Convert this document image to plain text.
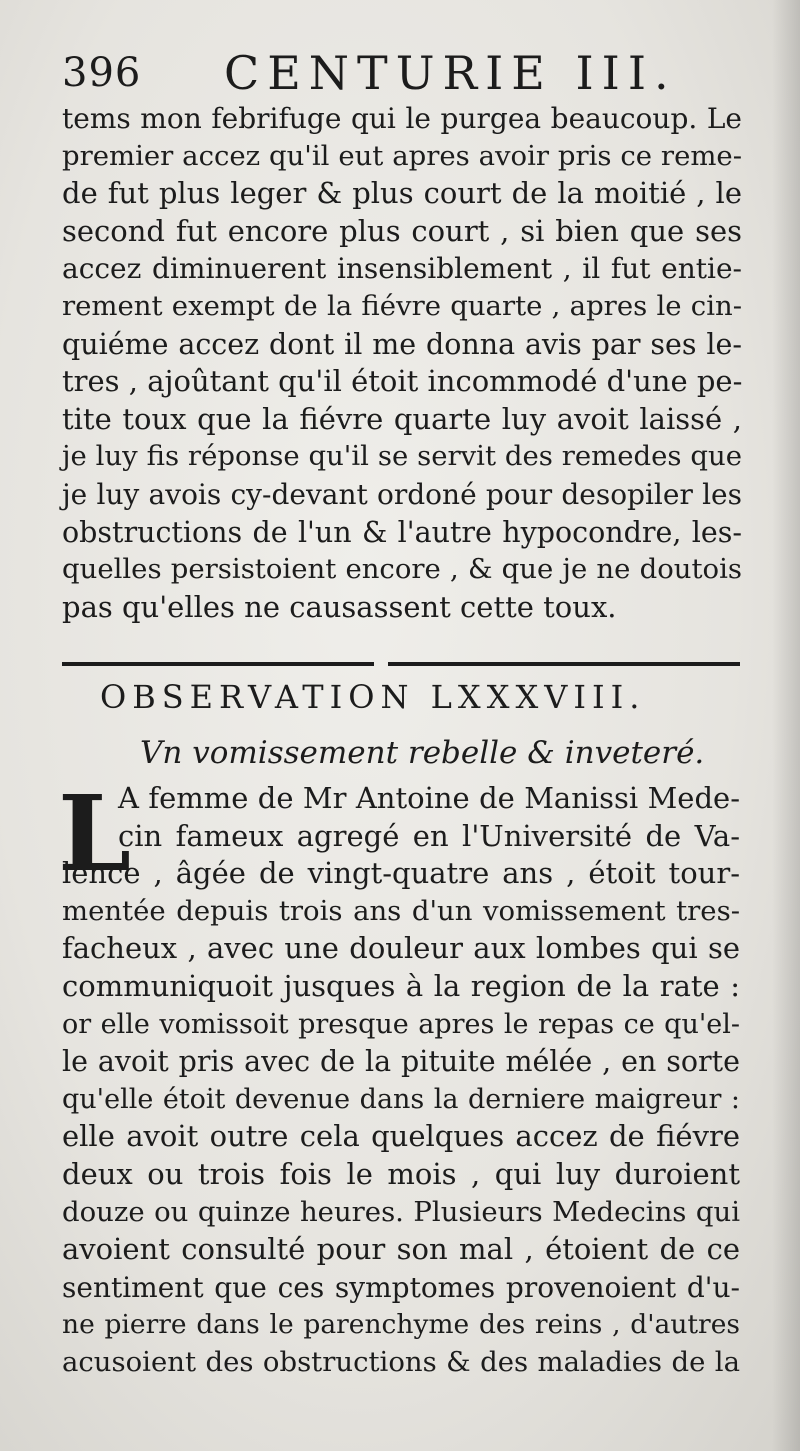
396 CENTURIE III.
tems mon febrifuge qui le purgea beaucoup. Le
premier accez qu'il eut apres avoir pris ce reme-
de fut plus leger & plus court de la moitié , le
second fut encore plus court , si bien que ses
accez diminuerent insensiblement , il fut entie-
rement exempt de la fiévre quarte , apres le cin-
quiéme accez dont il me donna avis par ses le-
tres , ajoûtant qu'il étoit incommodé d'une pe-
tite toux que la fiévre quarte luy avoit laissé ,
je luy fis réponse qu'il se servit des remedes que
je luy avois cy-devant ordoné pour desopiler les
obstructions de l'un & l'autre hypocondre, les-
quelles persistoient encore , & que je ne doutois
pas qu'elles ne causassent cette toux.
OBSERVATION LXXXVIII.
Vn vomissement rebelle & inveteré.
L
A femme de Mr Antoine de Manissi Mede-
cin fameux agregé en l'Université de Va-
lence , âgée de vingt-quatre ans , étoit tour-
mentée depuis trois ans d'un vomissement tres-
facheux , avec une douleur aux lombes qui se
communiquoit jusques à la region de la rate :
or elle vomissoit presque apres le repas ce qu'el-
le avoit pris avec de la pituite mélée , en sorte
qu'elle étoit devenue dans la derniere maigreur :
elle avoit outre cela quelques accez de fiévre
deux ou trois fois le mois , qui luy duroient
douze ou quinze heures. Plusieurs Medecins qui
avoient consulté pour son mal , étoient de ce
sentiment que ces symptomes provenoient d'u-
ne pierre dans le parenchyme des reins , d'autres
acusoient des obstructions & des maladies de la
